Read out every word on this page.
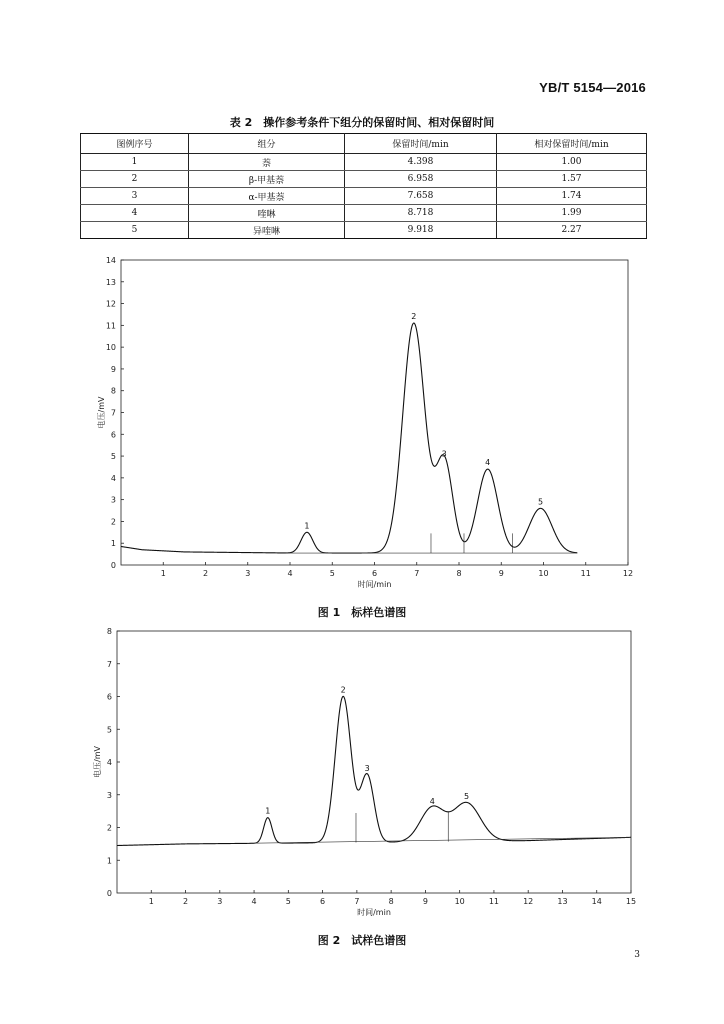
YB/T 5154—2016
表 2　操作参考条件下组分的保留时间、相对保留时间
图例序号	组分	保留时间/min	相对保留时间/min
1	萘	4.398	1.00
2	β-甲基萘	6.958	1.57
3	α-甲基萘	7.658	1.74
4	喹啉	8.718	1.99
5	异喹啉	9.918	2.27
1
2
3
4
5
6
7
8
9
10
11
12
13
14
0
1	2	3	4	5	6	7	8	9	10	11	12
时间/min
电压/mV
1
2
3
4
5
1
2
3
4
5
6
7
8
0
1	2	3	4	5	6	7	8	9	10	11	12	13	14	15
时间/min
电压/mV
1
2
3
4
5
图 1　标样色谱图
图 2　试样色谱图
3
